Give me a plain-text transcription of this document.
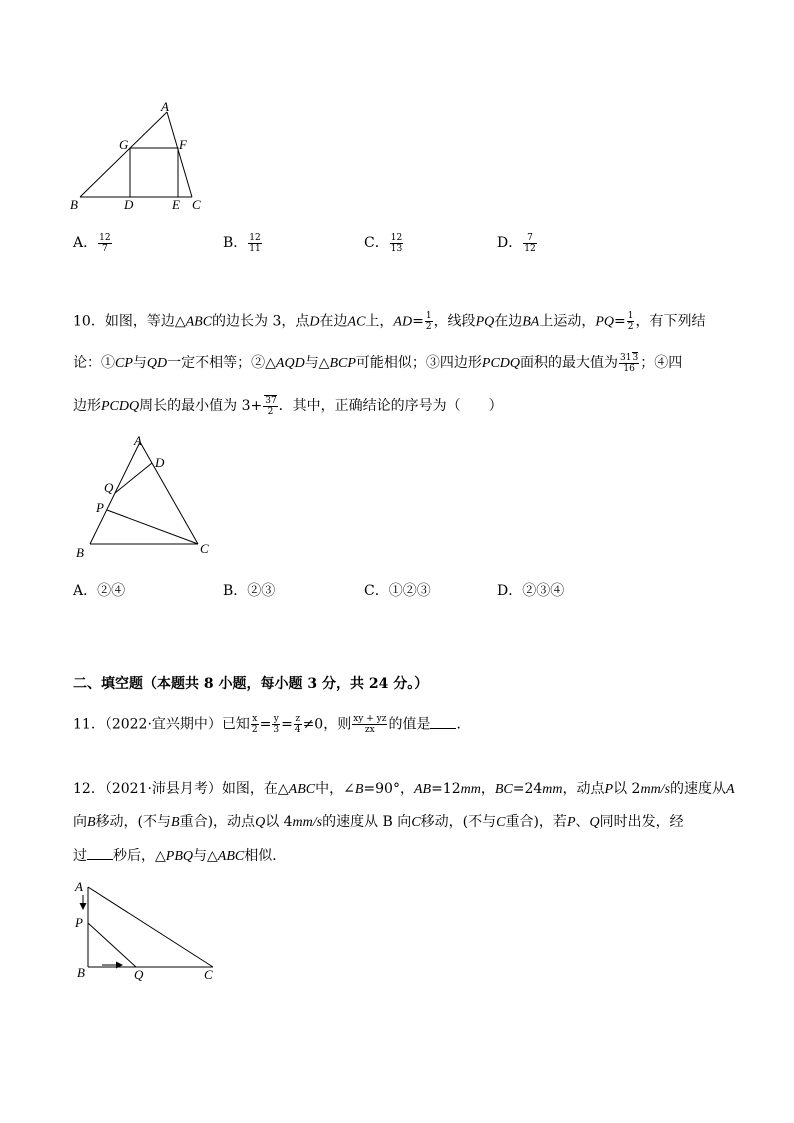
A
G	F
B	D	E C
A． $\frac{12}{7}$	B． $\frac{12}{11}$	C． $\frac{12}{13}$	D． $\frac{7}{12}$
10．如图，等边△ABC的边长为 3，点D在边AC上，$AD= \frac{1}{2}$ ，线段PQ在边BA上运动，$PQ= \frac{1}{2}$ ，有下列结
论：①CP与QD一定不相等；②△AQD与△BCP可能相似；③四边形PCDQ面积的最大值为 $\frac{313}{16}$ ；④四
边形PCDQ周长的最小值为 $3+ \frac{37}{2}$ ．其中，正确结论的序号为（　　）
A
D
Q
P
B	C
A．②④	B．②③	C．①②③	D．②③④
二、填空题（本题共 8 小题，每小题 3 分，共 24 分。）
11．（2022·宜兴期中）已知 $\frac{x}{2} = \frac{y}{3} = \frac{z}{4} \ne 0$，则 $\frac{xy + yz}{zx}$ 的值是 ．
12．（2021·沛县月考）如图，在△ABC中，∠B=90°，AB=12mm，BC=24mm，动点P以 2mm/s的速度从A
向B移动，(不与B重合)，动点Q以 4mm/s的速度从 B 向C移动，(不与C重合)，若P、Q同时出发，经
过 秒后，△PBQ与△ABC相似．
A
P
B	Q	C
